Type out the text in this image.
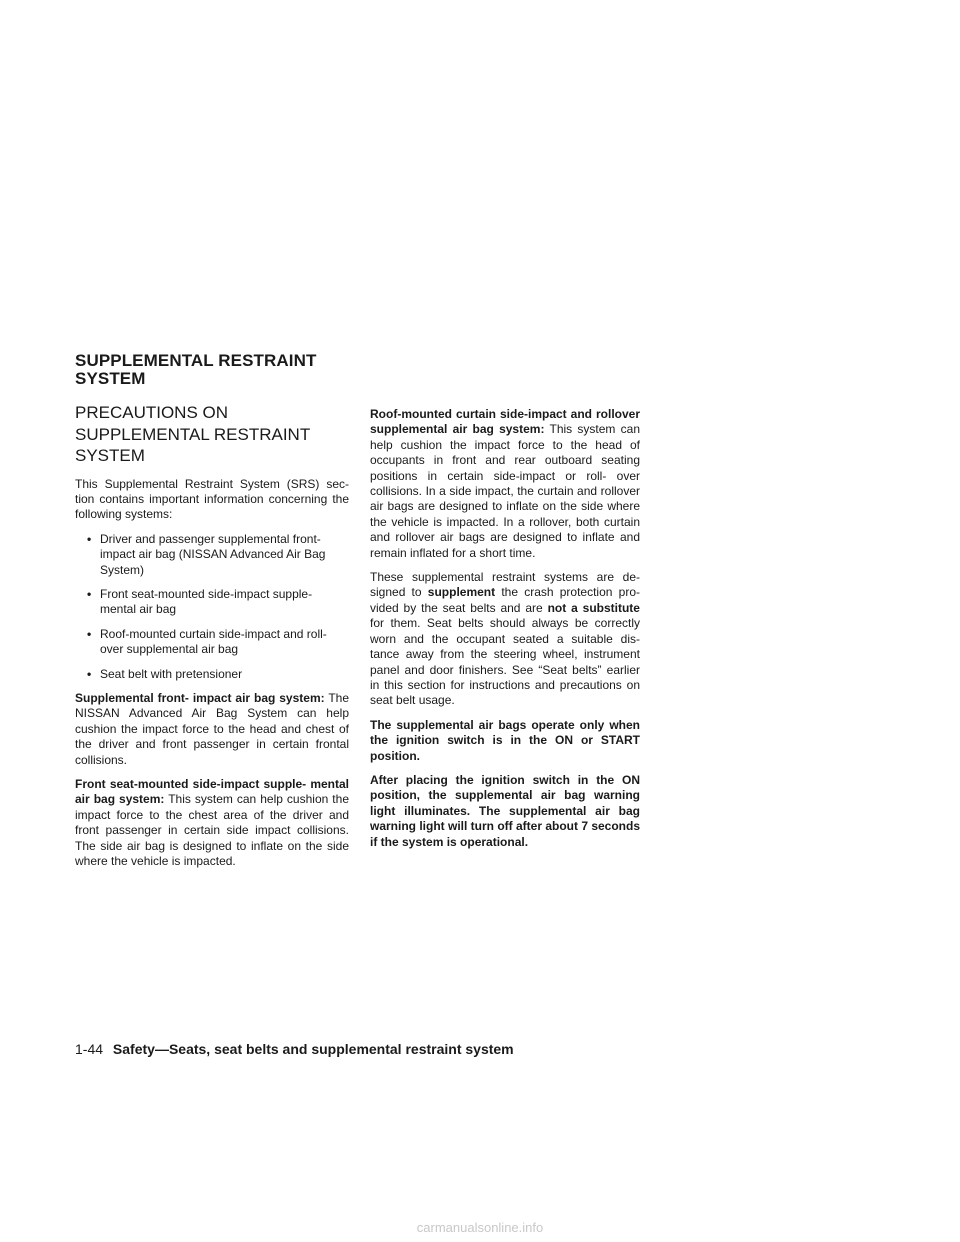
SUPPLEMENTAL RESTRAINT
SYSTEM
PRECAUTIONS ON
SUPPLEMENTAL RESTRAINT
SYSTEM

This Supplemental Restraint System (SRS) sec- tion contains important information concerning the following systems:

• Driver and passenger supplemental front- impact air bag (NISSAN Advanced Air Bag System)
• Front seat-mounted side-impact supple- mental air bag
• Roof-mounted curtain side-impact and roll- over supplemental air bag
• Seat belt with pretensioner

Supplemental front- impact air bag system: The NISSAN Advanced Air Bag System can help cushion the impact force to the head and chest of the driver and front passenger in certain frontal collisions.

Front seat-mounted side-impact supple- mental air bag system: This system can help cushion the impact force to the chest area of the driver and front passenger in certain side impact collisions. The side air bag is designed to inflate on the side where the vehicle is impacted.

Roof-mounted curtain side-impact and rollover supplemental air bag system: This system can help cushion the impact force to the head of occupants in front and rear outboard seating positions in certain side-impact or roll- over collisions. In a side impact, the curtain and rollover air bags are designed to inflate on the side where the vehicle is impacted. In a rollover, both curtain and rollover air bags are designed to inflate and remain inflated for a short time.

These supplemental restraint systems are de- signed to supplement the crash protection pro- vided by the seat belts and are not a substitute for them. Seat belts should always be correctly worn and the occupant seated a suitable dis- tance away from the steering wheel, instrument panel and door finishers. See “Seat belts” earlier in this section for instructions and precautions on seat belt usage.

The supplemental air bags operate only when the ignition switch is in the ON or START position.

After placing the ignition switch in the ON position, the supplemental air bag warning light illuminates. The supplemental air bag warning light will turn off after about 7 seconds if the system is operational.

1-44 Safety—Seats, seat belts and supplemental restraint system
carmanualsonline.info
